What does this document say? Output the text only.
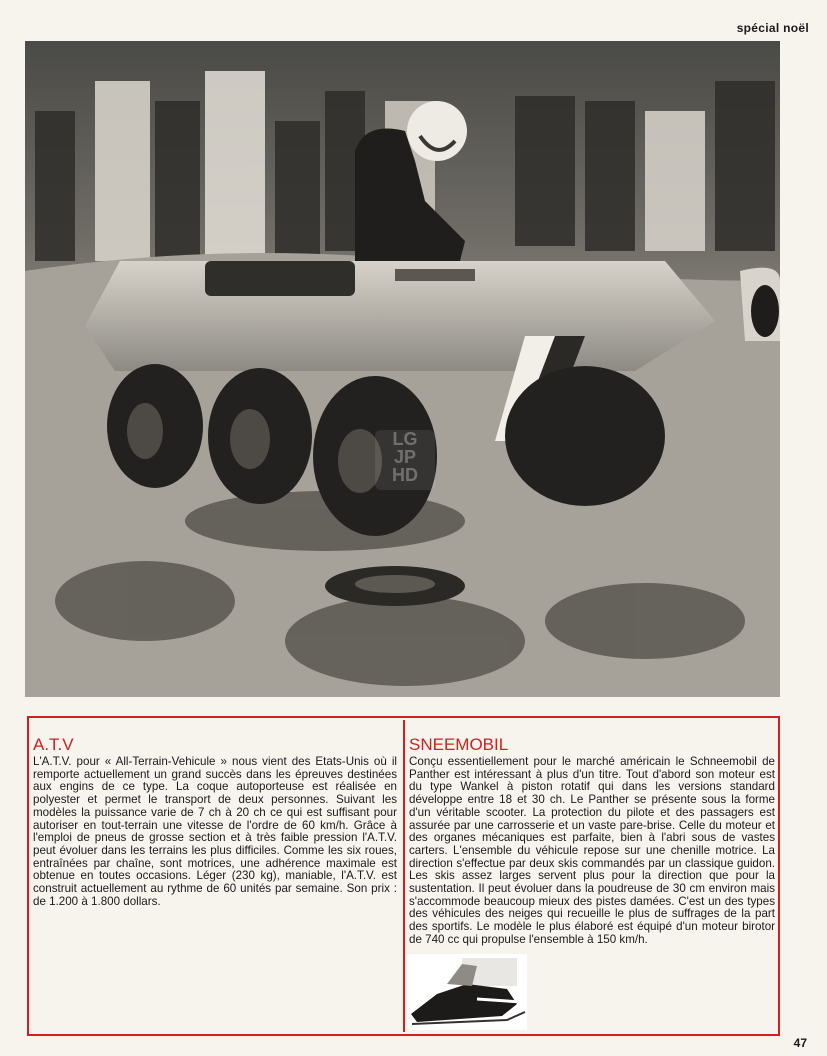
spécial noël
LG
JP
HD
A.T.V

L'A.T.V. pour « All-Terrain-Vehicule » nous vient des Etats-Unis où il remporte actuellement un grand succès dans les épreuves destinées aux engins de ce type. La coque autoporteuse est réalisée en polyester et permet le transport de deux personnes. Suivant les modèles la puissance varie de 7 ch à 20 ch ce qui est suffisant pour autoriser en tout-terrain une vitesse de l'ordre de 60 km/h. Grâce à l'emploi de pneus de grosse section et à très faible pression l'A.T.V. peut évoluer dans les terrains les plus difficiles. Comme les six roues, entraînées par chaîne, sont motrices, une adhérence maximale est obtenue en toutes occasions. Léger (230 kg), maniable, l'A.T.V. est construit actuellement au rythme de 60 unités par semaine. Son prix : de 1.200 à 1.800 dollars.

SNEEMOBIL

Conçu essentiellement pour le marché américain le Schneemobil de Panther est intéressant à plus d'un titre. Tout d'abord son moteur est du type Wankel à piston rotatif qui dans les versions standard développe entre 18 et 30 ch. Le Panther se présente sous la forme d'un véritable scooter. La protection du pilote et des passagers est assurée par une carrosserie et un vaste pare-brise. Celle du moteur et des organes mécaniques est parfaite, bien à l'abri sous de vastes carters. L'ensemble du véhicule repose sur une chenille motrice. La direction s'effectue par deux skis commandés par un classique guidon. Les skis assez larges servent plus pour la direction que pour la sustentation. Il peut évoluer dans la poudreuse de 30 cm environ mais s'accommode beaucoup mieux des pistes damées. C'est un des types des véhicules des neiges qui recueille le plus de suffrages de la part des sportifs. Le modèle le plus élaboré est équipé d'un moteur birotor de 740 cc qui propulse l'ensemble à 150 km/h.

47
